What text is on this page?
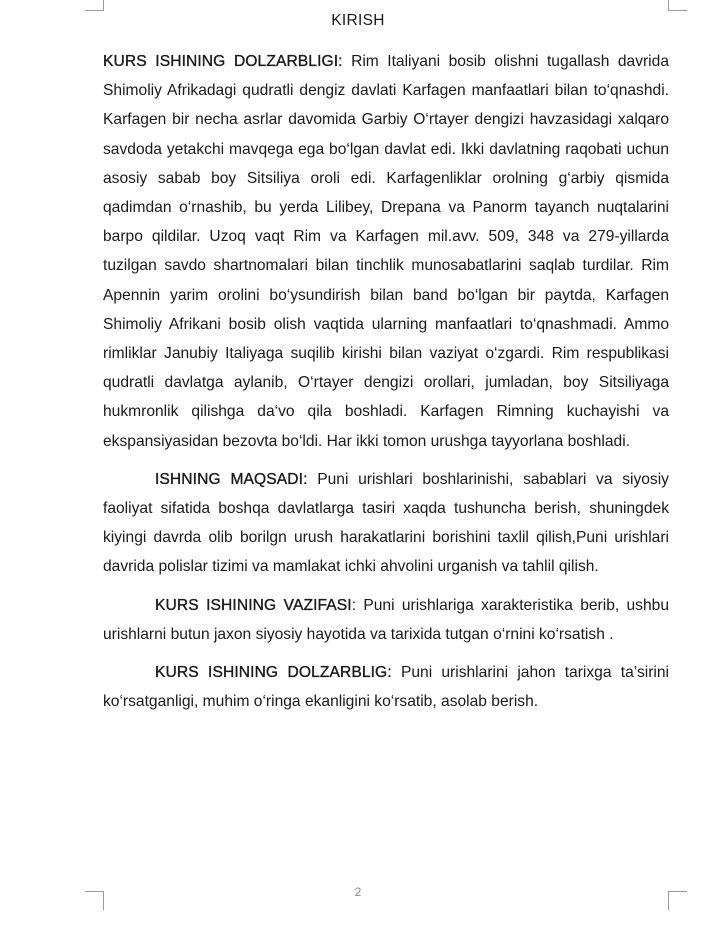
KIRISH

KURS ISHINING DOLZARBLIGI: Rim Italiyani bosib olishni tugallash davrida Shimoliy Afrikadagi qudratli dengiz davlati Karfagen manfaatlari bilan to‘qnashdi. Karfagen bir necha asrlar davomida Garbiy O‘rtayer dengizi havzasidagi xalqaro savdoda yetakchi mavqega ega bo‘lgan davlat edi. Ikki davlatning raqobati uchun asosiy sabab boy Sitsiliya oroli edi. Karfagenliklar orolning g‘arbiy qismida qadimdan o‘rnashib, bu yerda Lilibey, Drepana va Panorm tayanch nuqtalarini barpo qildilar. Uzoq vaqt Rim va Karfagen mil.avv. 509, 348 va 279-yillarda tuzilgan savdo shartnomalari bilan tinchlik munosabatlarini saqlab turdilar. Rim Apennin yarim orolini bo‘ysundirish bilan band bo‘lgan bir paytda, Karfagen Shimoliy Afrikani bosib olish vaqtida ularning manfaatlari to‘qnashmadi. Ammo rimliklar Janubiy Italiyaga suqilib kirishi bilan vaziyat o‘zgardi. Rim respublikasi qudratli davlatga aylanib, O‘rtayer dengizi orollari, jumladan, boy Sitsiliyaga hukmronlik qilishga da‘vo qila boshladi. Karfagen Rimning kuchayishi va ekspansiyasidan bezovta bo‘ldi. Har ikki tomon urushga tayyorlana boshladi.

ISHNING MAQSADI: Puni urishlari boshlarinishi, sabablari va siyosiy faoliyat sifatida boshqa davlatlarga tasiri xaqda tushuncha berish, shuningdek kiyingi davrda olib borilgn urush harakatlarini borishini taxlil qilish,Puni urishlari davrida polislar tizimi va mamlakat ichki ahvolini urganish va tahlil qilish.

KURS ISHINING VAZIFASI: Puni urishlariga xarakteristika berib, ushbu urishlarni butun jaxon siyosiy hayotida va tarixida tutgan o‘rnini ko‘rsatish .

KURS ISHINING DOLZARBLIG: Puni urishlarini jahon tarixga ta’sirini ko‘rsatganligi, muhim o‘ringa ekanligini ko‘rsatib, asolab berish.

2
